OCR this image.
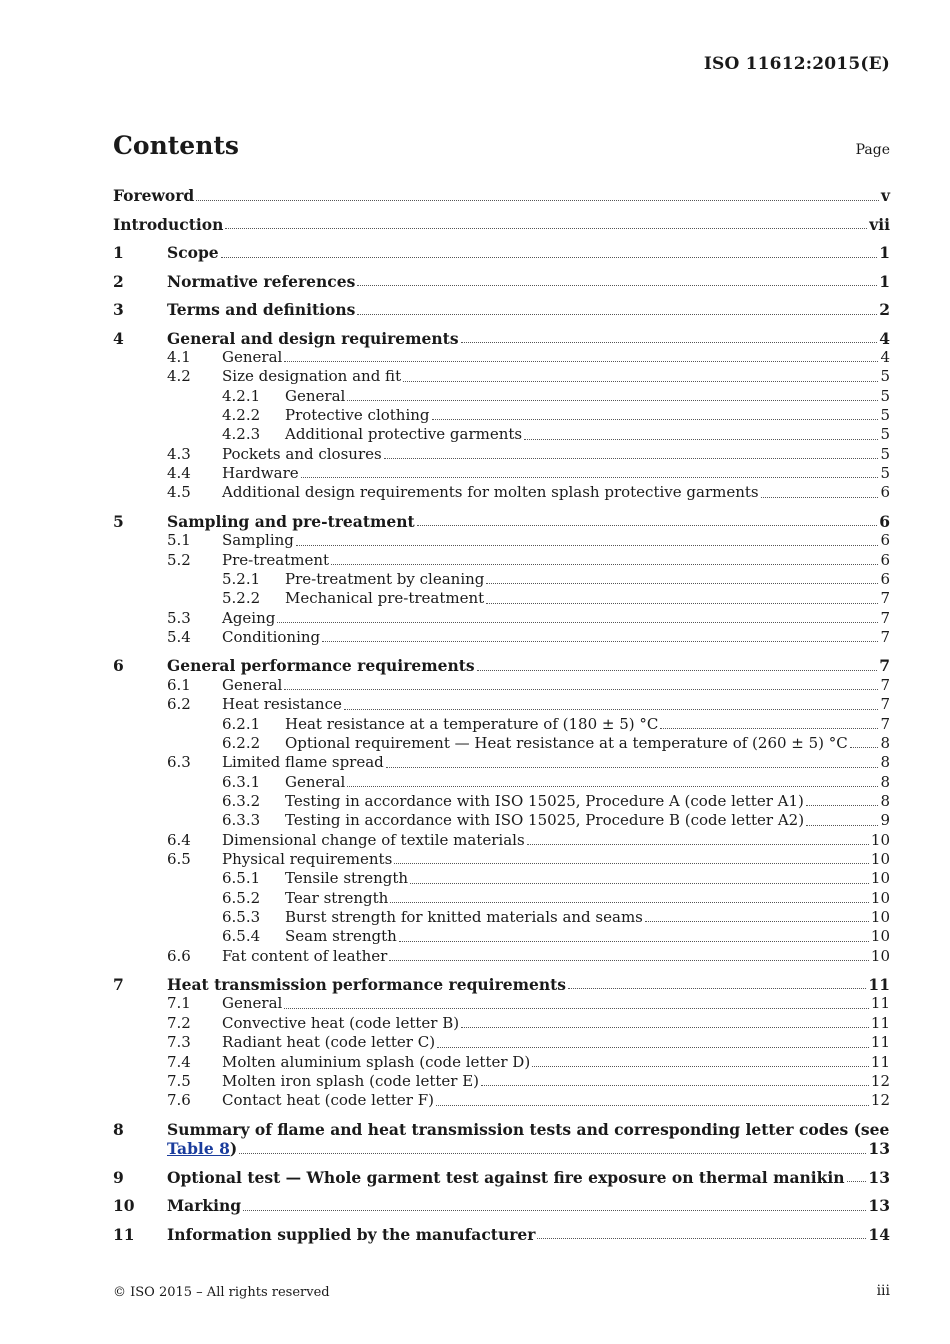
ISO 11612:2015(E)
Contents	Page
Foreword	v
Introduction	vii
1	Scope	1
2	Normative references	1
3	Terms and definitions	2
4	General and design requirements	4
4.1	General	4
4.2	Size designation and fit	5
4.2.1	General	5
4.2.2	Protective clothing	5
4.2.3	Additional protective garments	5
4.3	Pockets and closures	5
4.4	Hardware	5
4.5	Additional design requirements for molten splash protective garments	6
5	Sampling and pre-treatment	6
5.1	Sampling	6
5.2	Pre-treatment	6
5.2.1	Pre-treatment by cleaning	6
5.2.2	Mechanical pre-treatment	7
5.3	Ageing	7
5.4	Conditioning	7
6	General performance requirements	7
6.1	General	7
6.2	Heat resistance	7
6.2.1	Heat resistance at a temperature of (180 ± 5) °C	7
6.2.2	Optional requirement — Heat resistance at a temperature of (260 ± 5) °C 8
6.3	Limited flame spread	8
6.3.1	General	8
6.3.2	Testing in accordance with ISO 15025, Procedure A (code letter A1)	8
6.3.3	Testing in accordance with ISO 15025, Procedure B (code letter A2)	9
6.4	Dimensional change of textile materials	10
6.5	Physical requirements	10
6.5.1	Tensile strength	10
6.5.2	Tear strength	10
6.5.3	Burst strength for knitted materials and seams	10
6.5.4	Seam strength	10
6.6	Fat content of leather	10
7	Heat transmission performance requirements	11
7.1	General	11
7.2	Convective heat (code letter B)	11
7.3	Radiant heat (code letter C)	11
7.4	Molten aluminium splash (code letter D)	11
7.5	Molten iron splash (code letter E)	12
7.6	Contact heat (code letter F)	12
8	Summary of flame and heat transmission tests and corresponding letter codes (see
Table 8 )	13
9	Optional test — Whole garment test against fire exposure on thermal manikin 13
10	Marking	13
11	Information supplied by the manufacturer	14
© ISO 2015 – All rights reserved	iii
